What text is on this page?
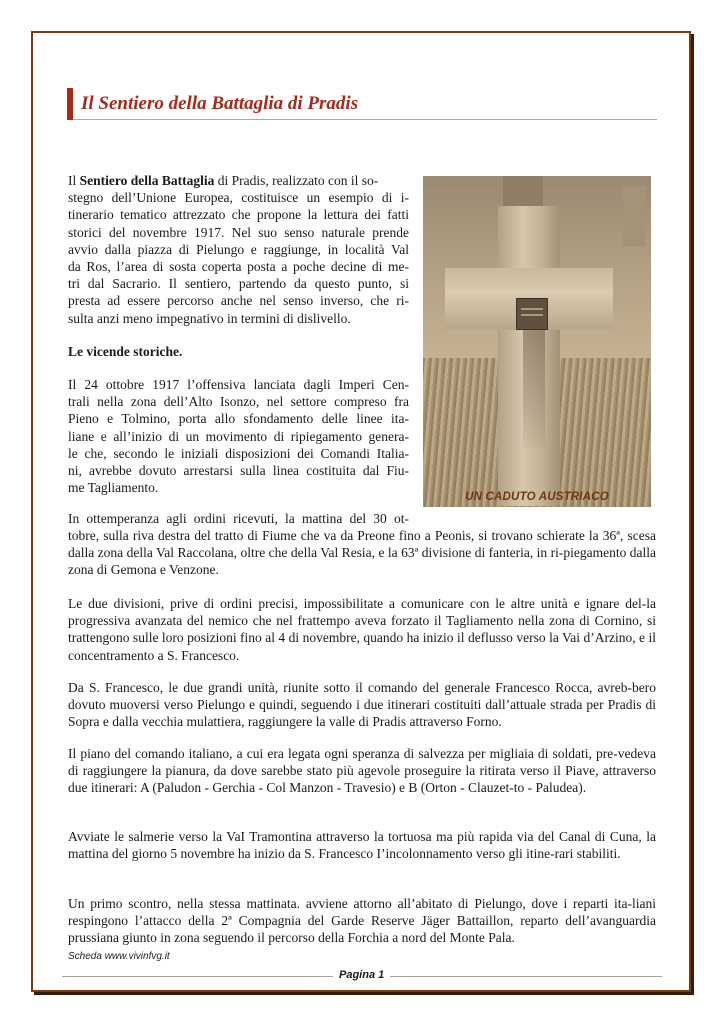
Il Sentiero della Battaglia di Pradis

Il Sentiero della Battaglia di Pradis, realizzato con il so-

stegno dell’Unione Europea, costituisce un esempio di i-

tinerario tematico attrezzato che propone la lettura dei fatti

storici del novembre 1917. Nel suo senso naturale prende

avvio dalla piazza di Pielungo e raggiunge, in località Val

da Ros, l’area di sosta coperta posta a poche decine di me-

tri dal Sacrario. Il sentiero, partendo da questo punto, si

presta ad essere percorso anche nel senso inverso, che ri-

sulta anzi meno impegnativo in termini di dislivello.

Le vicende storiche.

Il 24 ottobre 1917 l’offensiva lanciata dagli Imperi Cen-

trali nella zona dell’Alto Isonzo, nel settore compreso fra

Pieno e Tolmino, porta allo sfondamento delle linee ita-

liane e all’inizio di un movimento di ripiegamento genera-

le che, secondo le iniziali disposizioni dei Comandi Italia-

ni, avrebbe dovuto arrestarsi sulla linea costituita dal Fiu-

me Tagliamento.

In ottemperanza agli ordini ricevuti, la mattina del 30 ot-

tobre, sulla riva destra del tratto di Fiume che va da Preone fino a Peonis, si trovano schierate la 36ª, scesa dalla zona della Val Raccolana, oltre che della Val Resia, e la 63ª divisione di fanteria, in ri-piegamento dalla zona di Gemona e Venzone.

Le due divisioni, prive di ordini precisi, impossibilitate a comunicare con le altre unità e ignare del-la progressiva avanzata del nemico che nel frattempo aveva forzato il Tagliamento nella zona di Cornino, si trattengono sulle loro posizioni fino al 4 di novembre, quando ha inizio il deflusso verso la Vai d’Arzino, e il concentramento a S. Francesco.

Da S. Francesco, le due grandi unità, riunite sotto il comando del generale Francesco Rocca, avreb-bero dovuto muoversi verso Pielungo e quindi, seguendo i due itinerari costituiti dall’attuale strada per Pradis di Sopra e dalla vecchia mulattiera, raggiungere la valle di Pradis attraverso Forno.

Il piano del comando italiano, a cui era legata ogni speranza di salvezza per migliaia di soldati, pre-vedeva di raggiungere la pianura, da dove sarebbe stato più agevole proseguire la ritirata verso il Piave, attraverso due itinerari: A (Paludon - Gerchia - Col Manzon - Travesio) e B (Orton - Clauzet-to - Paludea).

Avviate le salmerie verso la VaI Tramontina attraverso la tortuosa ma più rapida via del Canal di Cuna, la mattina del giorno 5 novembre ha inizio da S. Francesco I’incolonnamento verso gli itine-rari stabiliti.

Un primo scontro, nella stessa mattinata. avviene attorno all’abitato di Pielungo, dove i reparti ita-liani respingono l’attacco della 2ª Compagnia del Garde Reserve Jäger Battaillon, reparto dell’avanguardia prussiana giunto in zona seguendo il percorso della Forchia a nord del Monte Pala.

UN CADUTO AUSTRIACO
Scheda www.vivinfvg.it
Pagina 1
